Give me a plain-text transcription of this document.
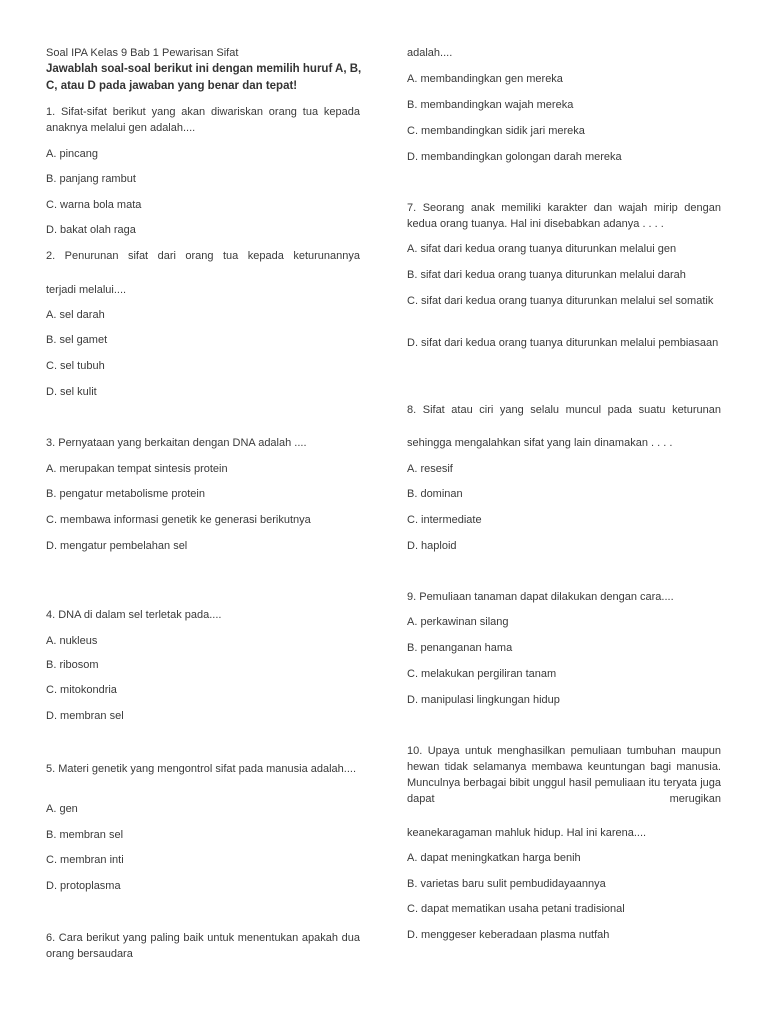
Soal IPA Kelas 9 Bab 1 Pewarisan Sifat

Jawablah soal-soal berikut ini dengan memilih huruf A, B, C, atau D pada jawaban yang benar dan tepat!

1. Sifat-sifat berikut yang akan diwariskan orang tua kepada anaknya melalui gen adalah....

A. pincang

B. panjang rambut

C. warna bola mata

D. bakat olah raga

2. Penurunan sifat dari orang tua kepada keturunannya

terjadi melalui....

A. sel darah

B. sel gamet

C. sel tubuh

D. sel kulit

3. Pernyataan yang berkaitan dengan DNA adalah ....

A. merupakan tempat sintesis protein

B. pengatur metabolisme protein

C. membawa informasi genetik ke generasi berikutnya

D. mengatur pembelahan sel

4. DNA di dalam sel terletak pada....

A. nukleus

B. ribosom

C. mitokondria

D. membran sel

5. Materi genetik yang mengontrol sifat pada manusia adalah....

A. gen

B. membran sel

C. membran inti

D. protoplasma

6. Cara berikut yang paling baik untuk menentukan apakah dua orang bersaudara

adalah....

A. membandingkan gen mereka

B. membandingkan wajah mereka

C. membandingkan sidik jari mereka

D. membandingkan golongan darah mereka

7. Seorang anak memiliki karakter dan wajah mirip dengan kedua orang tuanya. Hal ini disebabkan adanya . . . .

A. sifat dari kedua orang tuanya diturunkan melalui gen

B. sifat dari kedua orang tuanya diturunkan melalui darah

C. sifat dari kedua orang tuanya diturunkan melalui sel somatik

D. sifat dari kedua orang tuanya diturunkan melalui pembiasaan

8. Sifat atau ciri yang selalu muncul pada suatu keturunan

sehingga mengalahkan sifat yang lain dinamakan . . . .

A. resesif

B. dominan

C. intermediate

D. haploid

9. Pemuliaan tanaman dapat dilakukan dengan cara....

A. perkawinan silang

B. penanganan hama

C. melakukan pergiliran tanam

D. manipulasi lingkungan hidup

10. Upaya untuk menghasilkan pemuliaan tumbuhan maupun hewan tidak selamanya membawa keuntungan bagi manusia. Munculnya berbagai bibit unggul hasil pemuliaan itu teryata juga dapat merugikan

keanekaragaman mahluk hidup. Hal ini karena....

A. dapat meningkatkan harga benih

B. varietas baru sulit pembudidayaannya

C. dapat mematikan usaha petani tradisional

D. menggeser keberadaan plasma nutfah
